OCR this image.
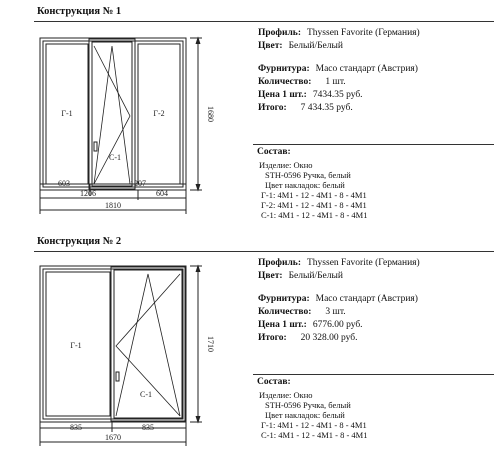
Конструкция № 1
Г-1
С-1
Г-2	1680
603	1207
1206	604
1810
Профиль: Thyssen Favorite (Германия)
Цвет: Белый/Белый
Фурнитура: Maco стандарт (Австрия)
Количество: 1 шт.
Цена 1 шт.: 7434.35 руб.
Итого: 7 434.35 руб.
Состав:
Изделие: Окно
STH-0596 Ручка, белый
Цвет накладок: белый
Г-1: 4М1 - 12 - 4М1 - 8 - 4М1
Г-2: 4М1 - 12 - 4М1 - 8 - 4М1
С-1: 4М1 - 12 - 4М1 - 8 - 4М1
Конструкция № 2
Г-1
С-1
1710
835	835
1670
Профиль: Thyssen Favorite (Германия)
Цвет: Белый/Белый
Фурнитура: Maco стандарт (Австрия)
Количество: 3 шт.
Цена 1 шт.: 6776.00 руб.
Итого: 20 328.00 руб.
Состав:
Изделие: Окно
STH-0596 Ручка, белый
Цвет накладок: белый
Г-1: 4М1 - 12 - 4М1 - 8 - 4М1
С-1: 4М1 - 12 - 4М1 - 8 - 4М1
